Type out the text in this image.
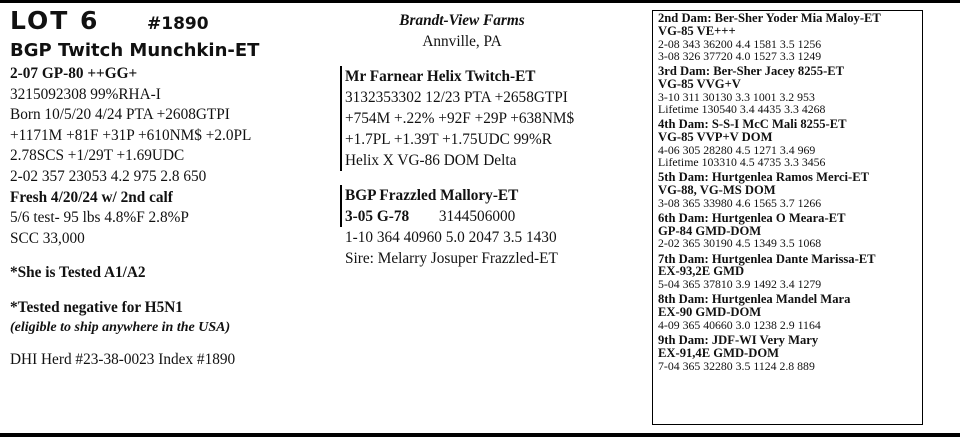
LOT 6	#1890
BGP Twitch Munchkin-ET
2-07 GP-80 ++GG+
3215092308 99%RHA-I
Born 10/5/20 4/24 PTA +2608GTPI
+1171M +81F +31P +610NM$ +2.0PL
2.78SCS +1/29T +1.69UDC
2-02 357 23053 4.2 975 2.8 650
Fresh 4/20/24 w/ 2nd calf
5/6 test- 95 lbs 4.8%F 2.8%P
SCC 33,000
*She is Tested A1/A2
*Tested negative for H5N1
(eligible to ship anywhere in the USA)
DHI Herd #23-38-0023 Index #1890
Brandt-View Farms
Annville, PA
Mr Farnear Helix Twitch-ET
3132353302 12/23 PTA +2658GTPI
+754M +.22% +92F +29P +638NM$
+1.7PL +1.39T +1.75UDC 99%R
Helix X VG-86 DOM Delta
BGP Frazzled Mallory-ET
3-05 G-78 3144506000
1-10 364 40960 5.0 2047 3.5 1430
Sire: Melarry Josuper Frazzled-ET
2nd Dam: Ber-Sher Yoder Mia Maloy-ET
VG-85 VE+++
2-08 343 36200 4.4 1581 3.5 1256
3-08 326 37720 4.0 1527 3.3 1249
3rd Dam: Ber-Sher Jacey 8255-ET
VG-85 VVG+V
3-10 311 30130 3.3 1001 3.2 953
Lifetime 130540 3.4 4435 3.3 4268
4th Dam: S-S-I McC Mali 8255-ET
VG-85 VVP+V DOM
4-06 305 28280 4.5 1271 3.4 969
Lifetime 103310 4.5 4735 3.3 3456
5th Dam: Hurtgenlea Ramos Merci-ET
VG-88, VG-MS DOM
3-08 365 33980 4.6 1565 3.7 1266
6th Dam: Hurtgenlea O Meara-ET
GP-84 GMD-DOM
2-02 365 30190 4.5 1349 3.5 1068
7th Dam: Hurtgenlea Dante Marissa-ET
EX-93,2E GMD
5-04 365 37810 3.9 1492 3.4 1279
8th Dam: Hurtgenlea Mandel Mara
EX-90 GMD-DOM
4-09 365 40660 3.0 1238 2.9 1164
9th Dam: JDF-WI Very Mary
EX-91,4E GMD-DOM
7-04 365 32280 3.5 1124 2.8 889
